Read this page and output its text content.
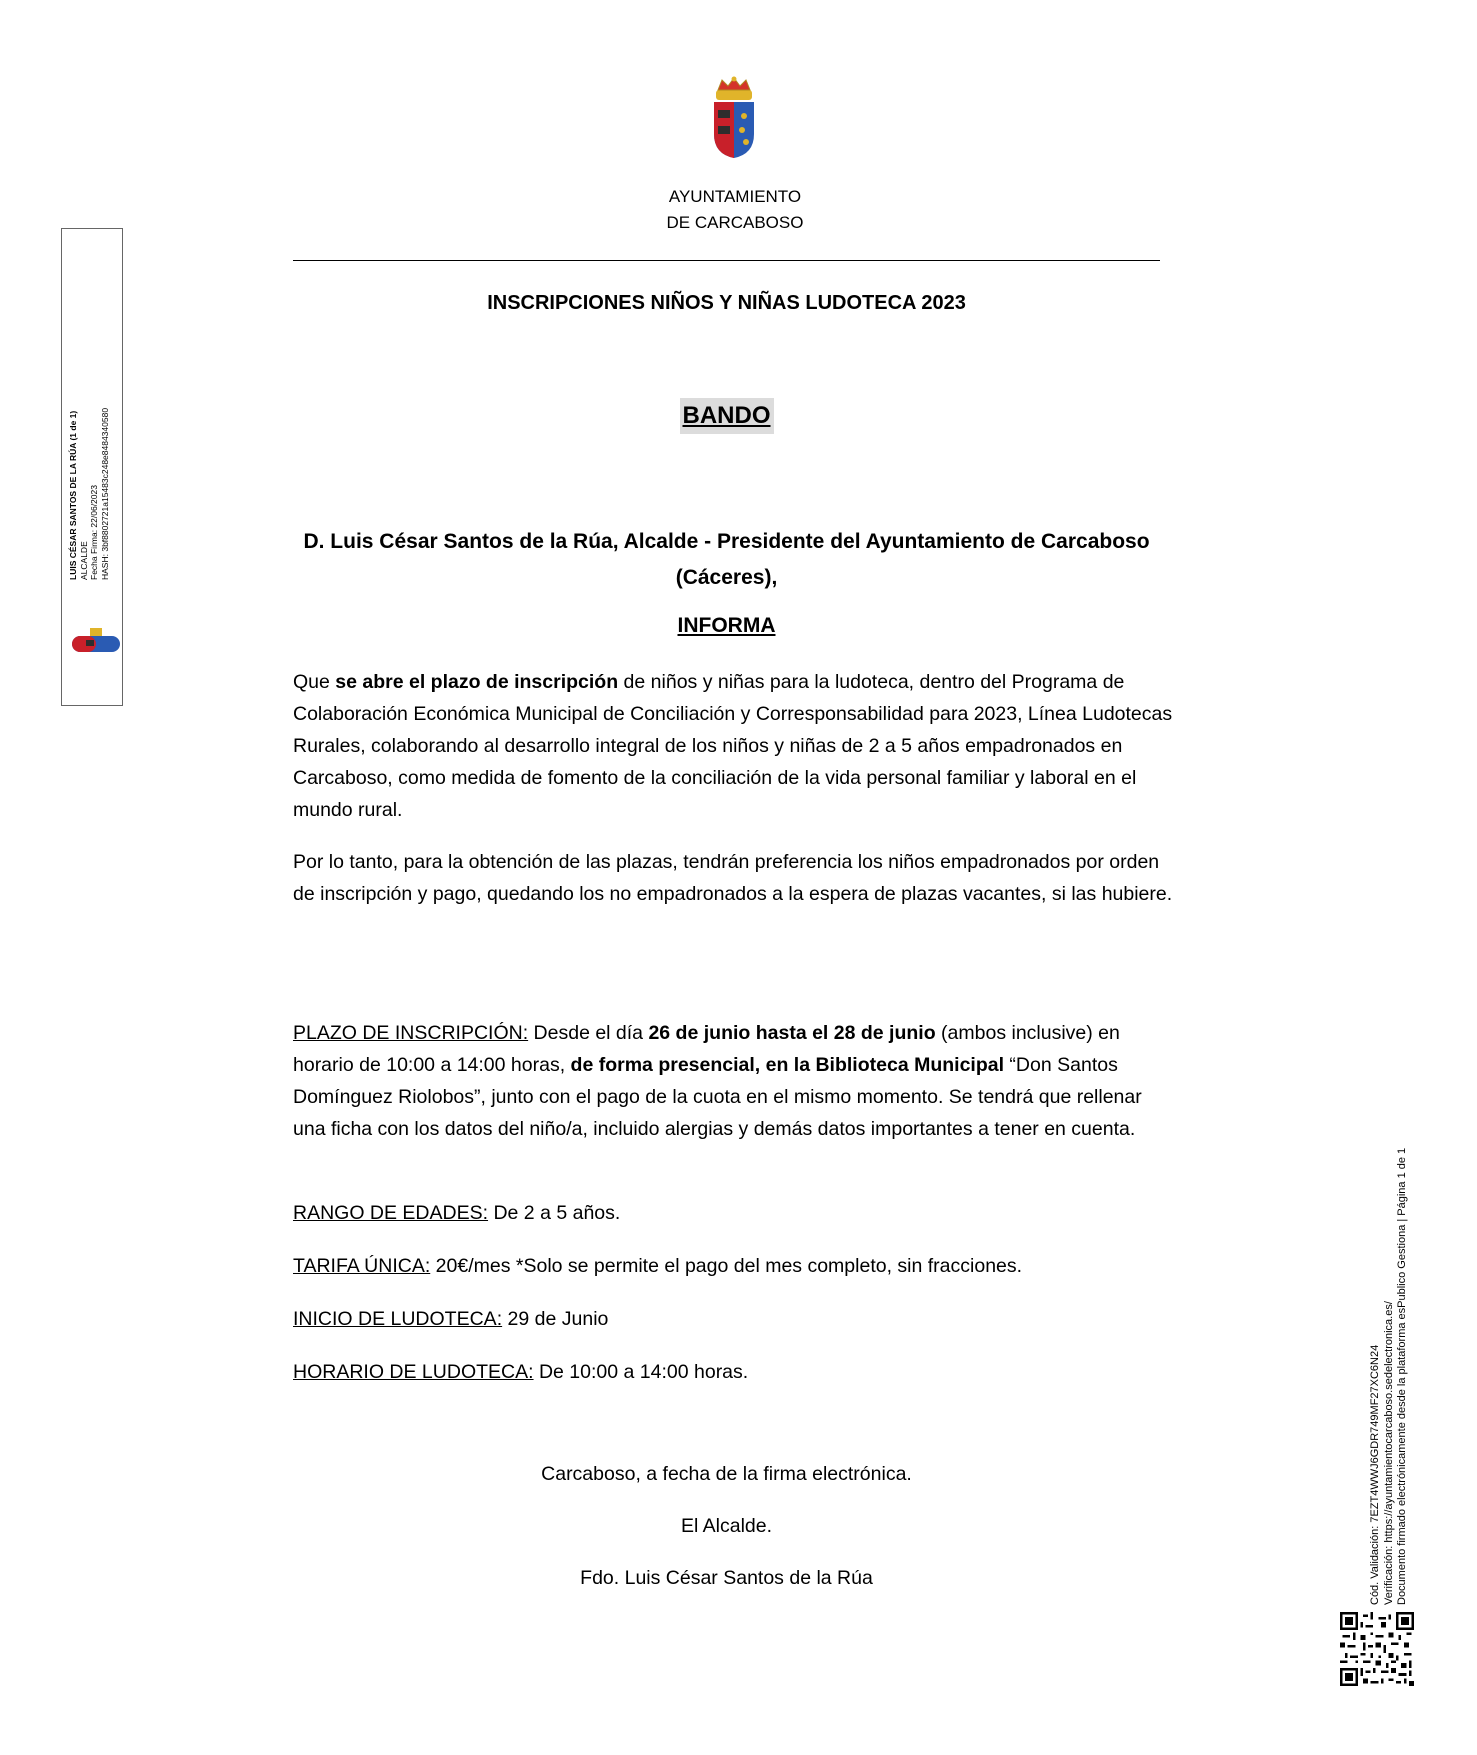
AYUNTAMIENTO
DE CARCABOSO
INSCRIPCIONES NIÑOS Y NIÑAS LUDOTECA 2023
BANDO
D. Luis César Santos de la Rúa, Alcalde - Presidente del Ayuntamiento de Carcaboso
(Cáceres),
INFORMA

Que se abre el plazo de inscripción de niños y niñas para la ludoteca, dentro del Programa de Colaboración Económica Municipal de Conciliación y Corresponsabilidad para 2023, Línea Ludotecas Rurales, colaborando al desarrollo integral de los niños y niñas de 2 a 5 años empadronados en Carcaboso, como medida de fomento de la conciliación de la vida personal familiar y laboral en el mundo rural.

Por lo tanto, para la obtención de las plazas, tendrán preferencia los niños empadronados por orden de inscripción y pago, quedando los no empadronados a la espera de plazas vacantes, si las hubiere.

PLAZO DE INSCRIPCIÓN: Desde el día 26 de junio hasta el 28 de junio (ambos inclusive) en horario de 10:00 a 14:00 horas, de forma presencial, en la Biblioteca Municipal “Don Santos Domínguez Riolobos”, junto con el pago de la cuota en el mismo momento. Se tendrá que rellenar una ficha con los datos del niño/a, incluido alergias y demás datos importantes a tener en cuenta.

RANGO DE EDADES: De 2 a 5 años.

TARIFA ÚNICA: 20€/mes *Solo se permite el pago del mes completo, sin fracciones.

INICIO DE LUDOTECA: 29 de Junio

HORARIO DE LUDOTECA: De 10:00 a 14:00 horas.

Carcaboso, a fecha de la firma electrónica.
El Alcalde.
Fdo. Luis César Santos de la Rúa
LUIS CÉSAR SANTOS DE LA RÚA (1 de 1) ALCALDE Fecha Firma: 22/06/2023 HASH: 3bf8802721a15483c248e8484340580
Cód. Validación: 7EZT4WWJ6GDR749MF27XC6N24 Verificación: https://ayuntamientocarcaboso.sedelectronica.es/ Documento firmado electrónicamente desde la plataforma esPublico Gestiona | Página 1 de 1
